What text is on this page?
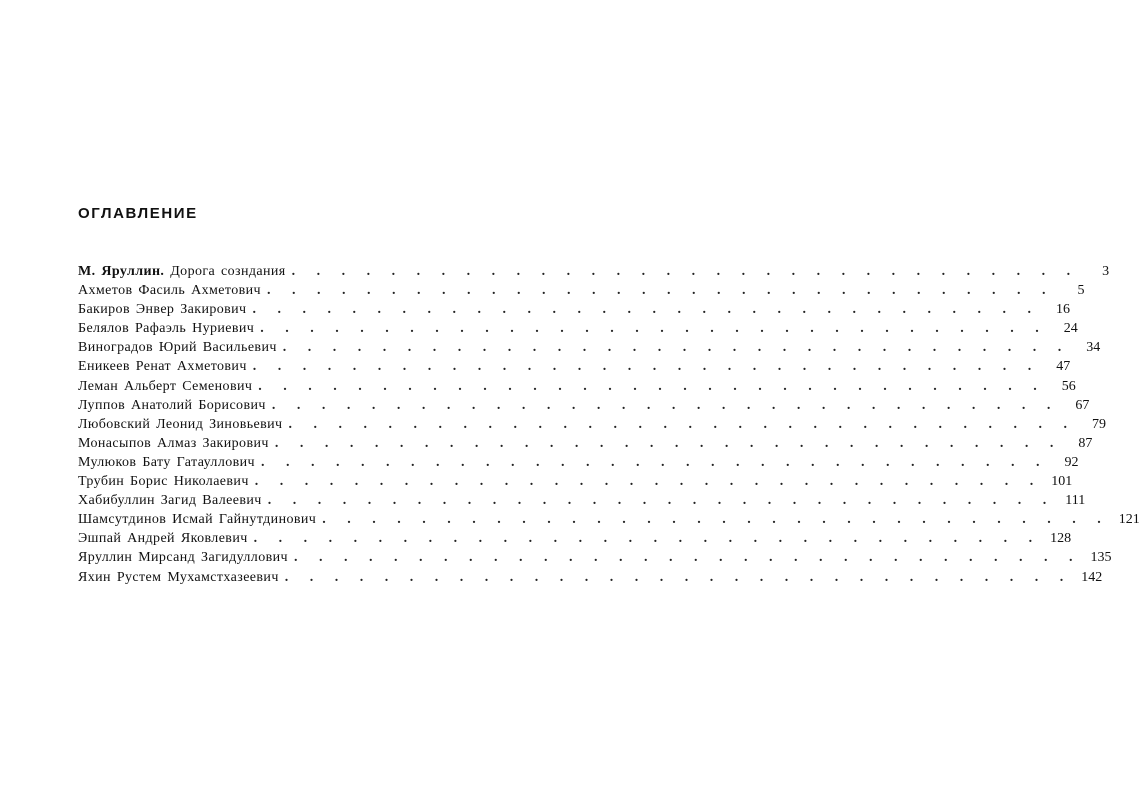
ОГЛАВЛЕНИЕ
М. Яруллин. Дорога созндания . . . . . . . . . . . . . . . . . . . . . . . . . . . . . . . .	3
Ахметов Фасиль Ахметович . . . . . . . . . . . . . . . . . . . . . . . . . . . . . . . .	5
Бакиров Энвер Закирович . . . . . . . . . . . . . . . . . . . . . . . . . . . . . . . .	16
Белялов Рафаэль Нуриевич . . . . . . . . . . . . . . . . . . . . . . . . . . . . . . . .	24
Виноградов Юрий Васильевич . . . . . . . . . . . . . . . . . . . . . . . . . . . . . . . .	34
Еникеев Ренат Ахметович . . . . . . . . . . . . . . . . . . . . . . . . . . . . . . . .	47
Леман Альберт Семенович . . . . . . . . . . . . . . . . . . . . . . . . . . . . . . . .	56
Луппов Анатолий Борисович . . . . . . . . . . . . . . . . . . . . . . . . . . . . . . . .	67
Любовский Леонид Зиновьевич . . . . . . . . . . . . . . . . . . . . . . . . . . . . . . . .	79
Монасыпов Алмаз Закирович . . . . . . . . . . . . . . . . . . . . . . . . . . . . . . . .	87
Мулюков Бату Гатауллович . . . . . . . . . . . . . . . . . . . . . . . . . . . . . . . .	92
Трубин Борис Николаевич . . . . . . . . . . . . . . . . . . . . . . . . . . . . . . . . 101
Хабибуллин Загид Валеевич . . . . . . . . . . . . . . . . . . . . . . . . . . . . . . . . 111
Шамсутдинов Исмай Гайнутдинович . . . . . . . . . . . . . . . . . . . . . . . . . . . . . . . . 121
Эшпай Андрей Яковлевич . . . . . . . . . . . . . . . . . . . . . . . . . . . . . . . . 128
Яруллин Мирсанд Загидуллович . . . . . . . . . . . . . . . . . . . . . . . . . . . . . . . . 135
Яхин Рустем Мухамстхазеевич . . . . . . . . . . . . . . . . . . . . . . . . . . . . . . . . 142
